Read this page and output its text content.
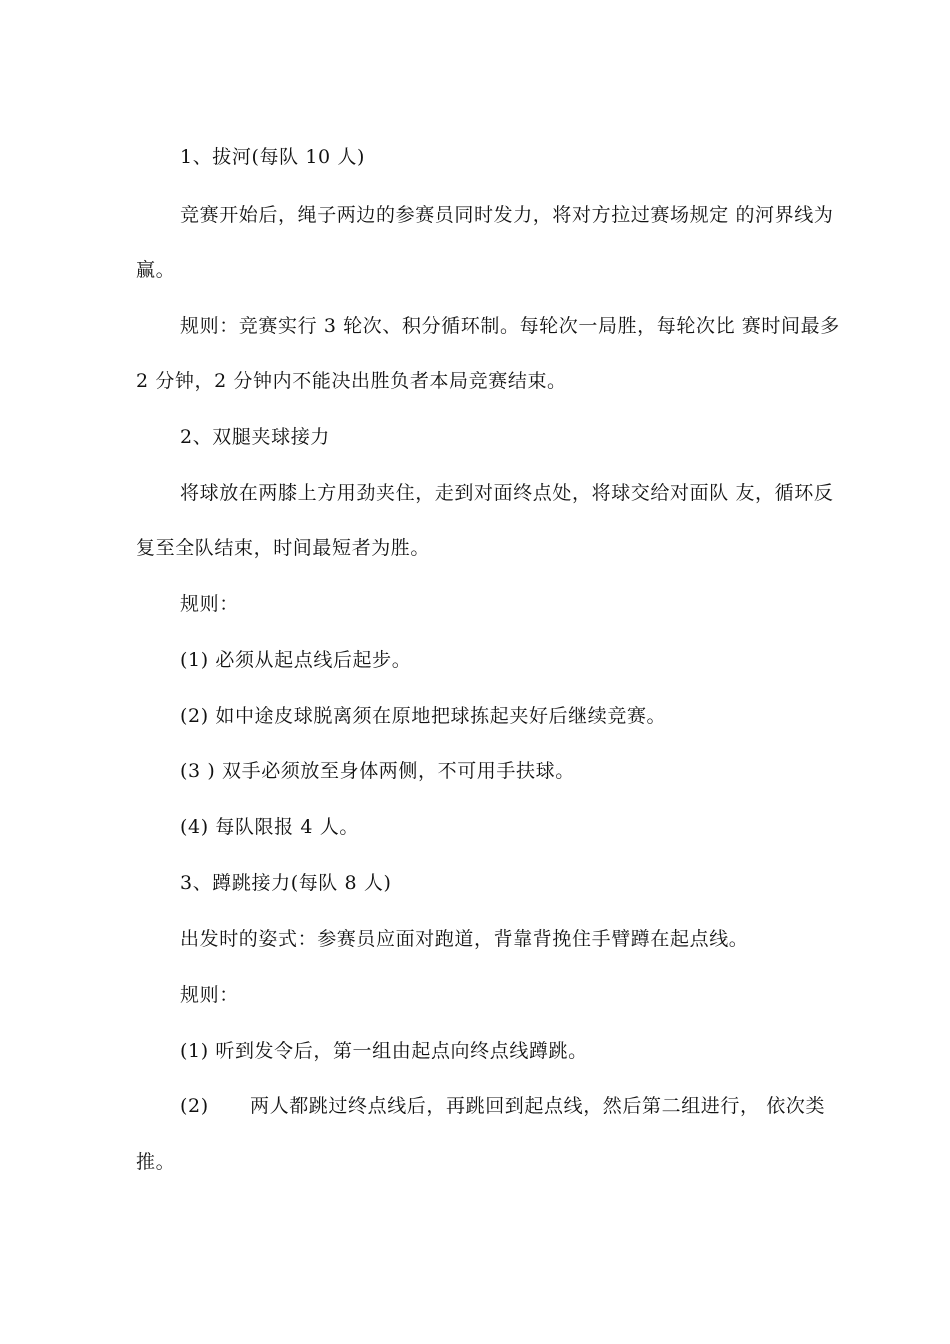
1、拔河(每队 10 人)
竞赛开始后，绳子两边的参赛员同时发力，将对方拉过赛场规定 的河界线为
赢。
规则：竞赛实行 3 轮次、积分循环制。每轮次一局胜，每轮次比 赛时间最多
2 分钟，2 分钟内不能决出胜负者本局竞赛结束。
2、双腿夹球接力
将球放在两膝上方用劲夹住，走到对面终点处，将球交给对面队 友，循环反
复至全队结束，时间最短者为胜。
规则：
(1) 必须从起点线后起步。
(2) 如中途皮球脱离须在原地把球拣起夹好后继续竞赛。
(3 ) 双手必须放至身体两侧，不可用手扶球。
(4) 每队限报 4 人。
3、蹲跳接力(每队 8 人)
出发时的姿式：参赛员应面对跑道，背靠背挽住手臂蹲在起点线。
规则：
(1) 听到发令后，第一组由起点向终点线蹲跳。
(2) 两人都跳过终点线后，再跳回到起点线，然后第二组进行， 依次类
推。
